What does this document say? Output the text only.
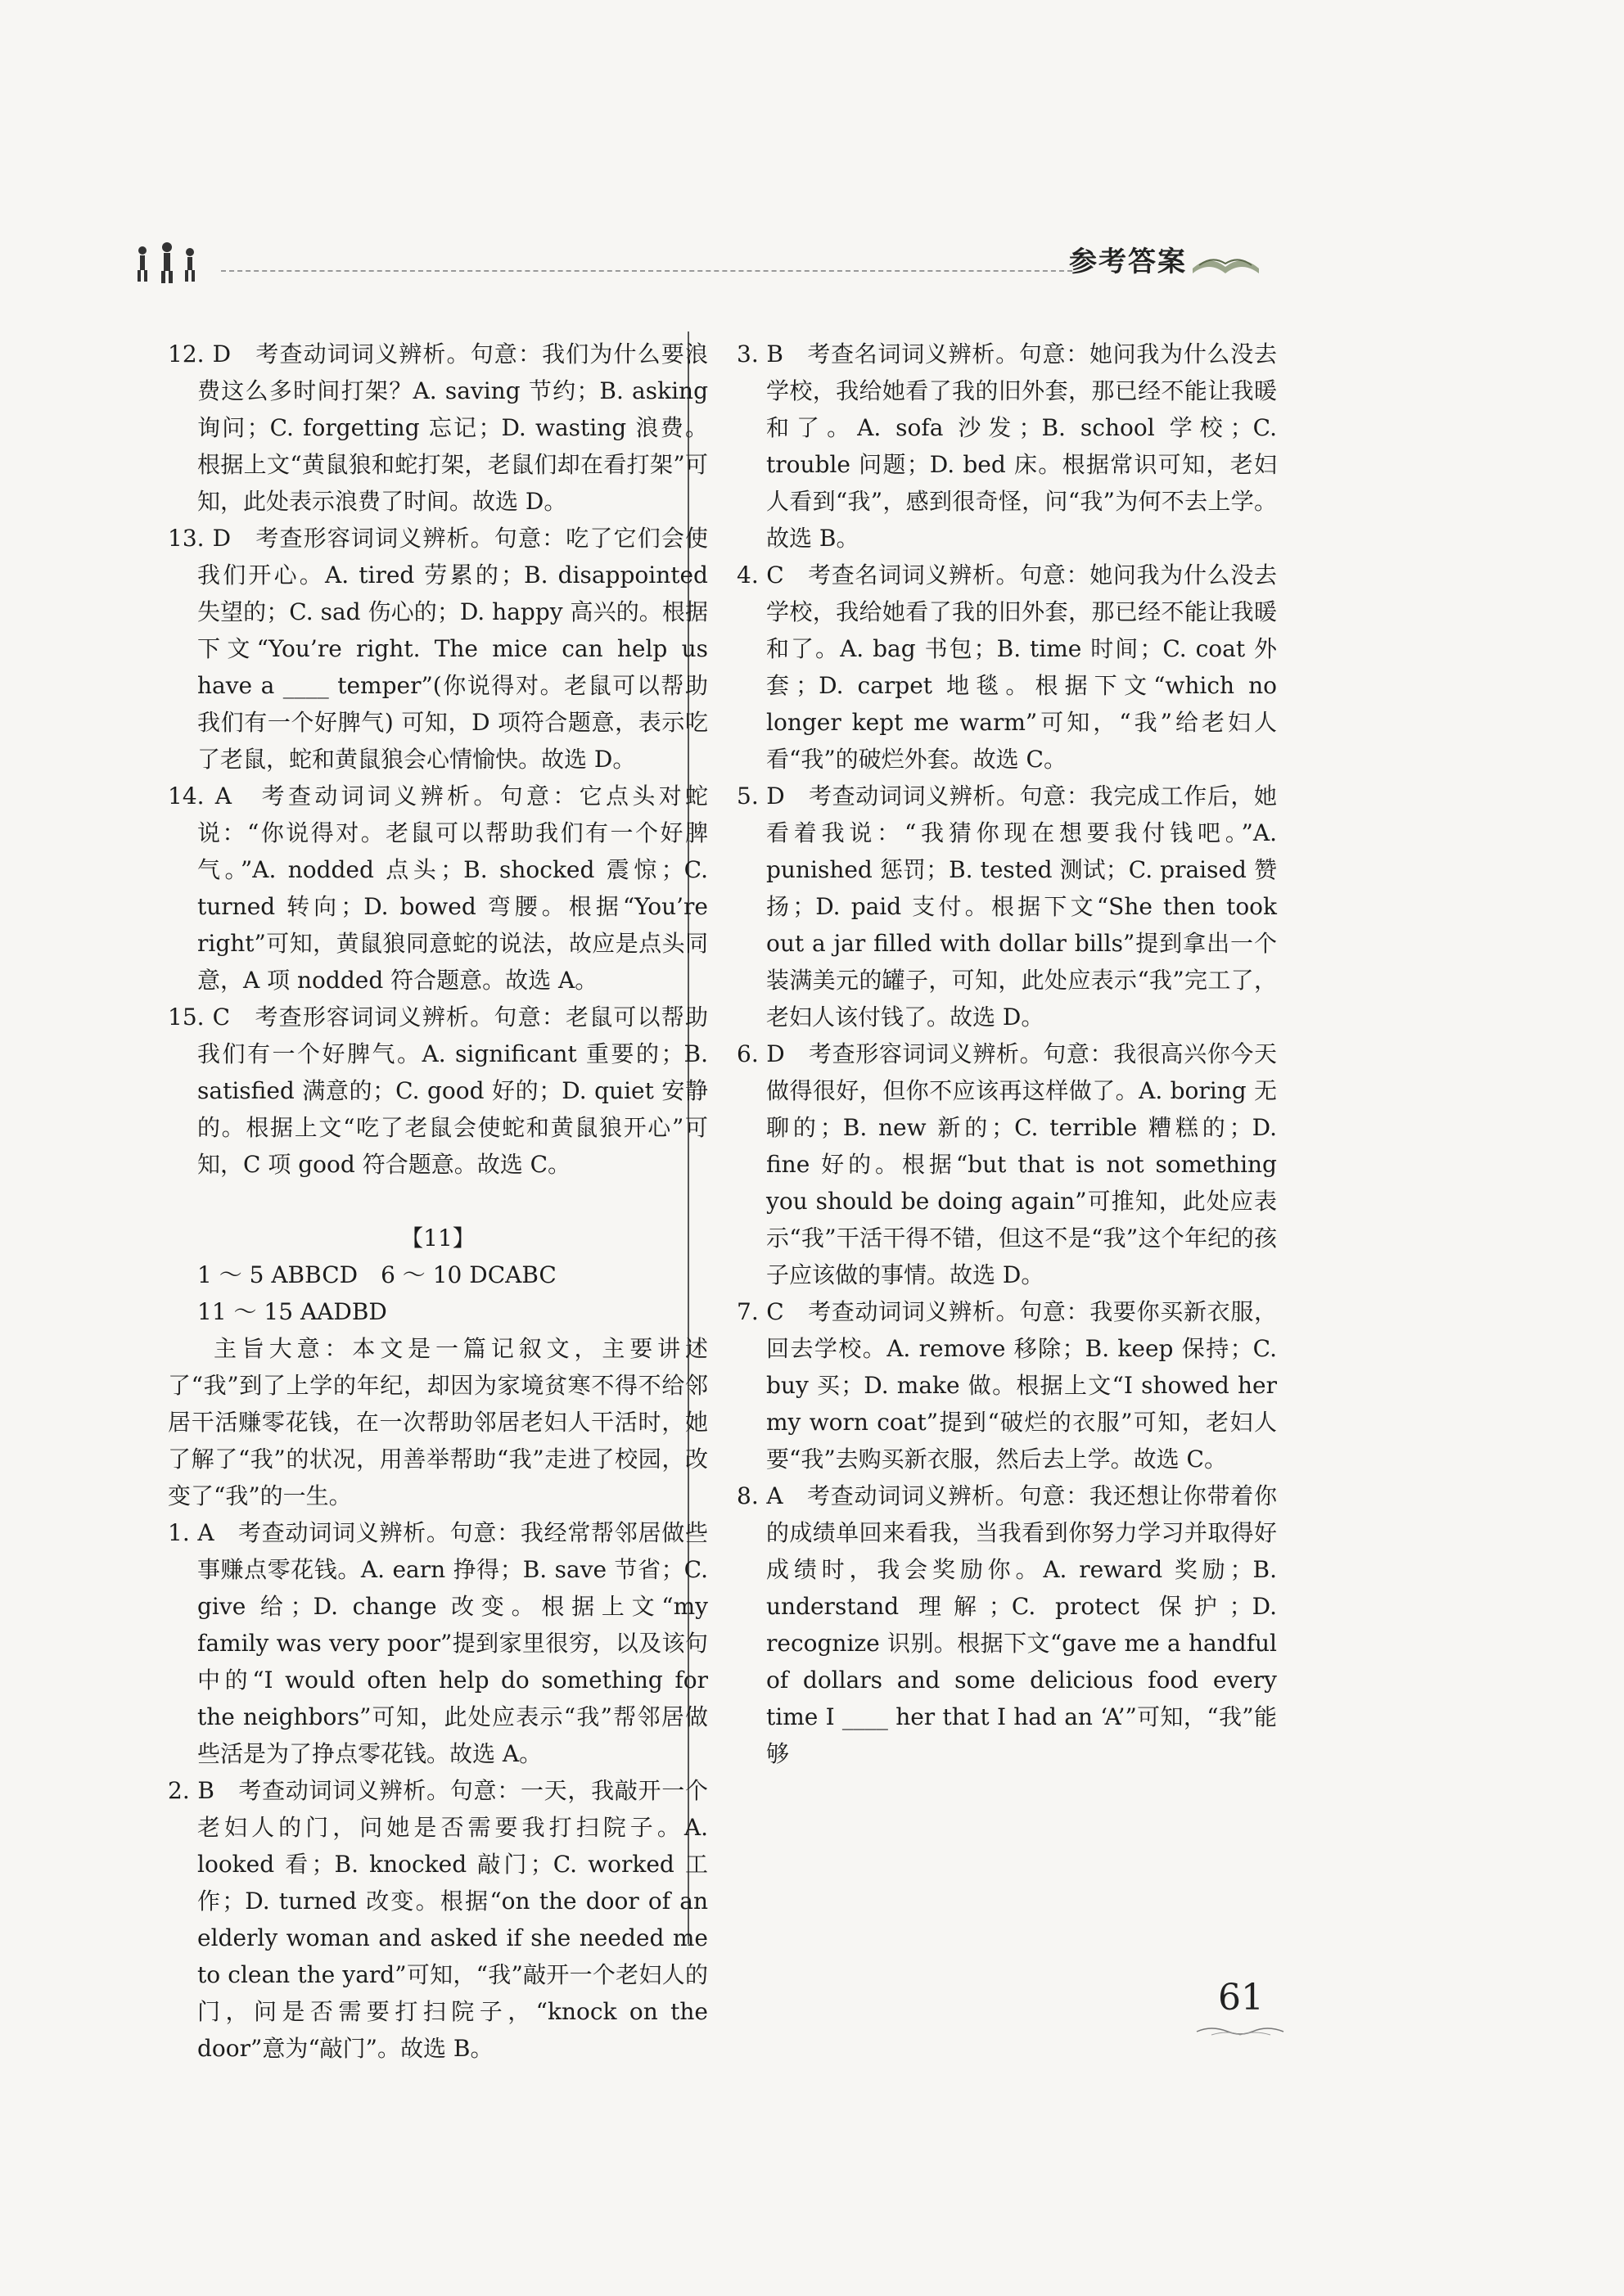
参考答案

12. D　考查动词词义辨析。句意：我们为什么要浪费这么多时间打架？A. saving 节约；B. asking 询问；C. forgetting 忘记；D. wasting 浪费。根据上文“黄鼠狼和蛇打架，老鼠们却在看打架”可知，此处表示浪费了时间。故选 D。

13. D　考查形容词词义辨析。句意：吃了它们会使我们开心。A. tired 劳累的；B. disappointed 失望的；C. sad 伤心的；D. happy 高兴的。根据下文“You’re right. The mice can help us have a ____ temper”(你说得对。老鼠可以帮助我们有一个好脾气) 可知，D 项符合题意，表示吃了老鼠，蛇和黄鼠狼会心情愉快。故选 D。

14. A　考查动词词义辨析。句意：它点头对蛇说：“你说得对。老鼠可以帮助我们有一个好脾气。”A. nodded 点头；B. shocked 震惊；C. turned 转向；D. bowed 弯腰。根据“You’re right”可知，黄鼠狼同意蛇的说法，故应是点头同意，A 项 nodded 符合题意。故选 A。

15. C　考查形容词词义辨析。句意：老鼠可以帮助我们有一个好脾气。A. significant 重要的；B. satisfied 满意的；C. good 好的；D. quiet 安静的。根据上文“吃了老鼠会使蛇和黄鼠狼开心”可知，C 项 good 符合题意。故选 C。

【11】

1 ～ 5 ABBCD　6 ～ 10 DCABC

11 ～ 15 AADBD

主旨大意：本文是一篇记叙文，主要讲述了“我”到了上学的年纪，却因为家境贫寒不得不给邻居干活赚零花钱，在一次帮助邻居老妇人干活时，她了解了“我”的状况，用善举帮助“我”走进了校园，改变了“我”的一生。

1. A　考查动词词义辨析。句意：我经常帮邻居做些事赚点零花钱。A. earn 挣得；B. save 节省；C. give 给；D. change 改变。根据上文“my family was very poor”提到家里很穷，以及该句中的“I would often help do something for the neighbors”可知，此处应表示“我”帮邻居做些活是为了挣点零花钱。故选 A。

2. B　考查动词词义辨析。句意：一天，我敲开一个老妇人的门，问她是否需要我打扫院子。A. looked 看；B. knocked 敲门；C. worked 工作；D. turned 改变。根据“on the door of an elderly woman and asked if she needed me to clean the yard”可知，“我”敲开一个老妇人的门，问是否需要打扫院子，“knock on the door”意为“敲门”。故选 B。

3. B　考查名词词义辨析。句意：她问我为什么没去学校，我给她看了我的旧外套，那已经不能让我暖和了。A. sofa 沙发；B. school 学校；C. trouble 问题；D. bed 床。根据常识可知，老妇人看到“我”，感到很奇怪，问“我”为何不去上学。故选 B。

4. C　考查名词词义辨析。句意：她问我为什么没去学校，我给她看了我的旧外套，那已经不能让我暖和了。A. bag 书包；B. time 时间；C. coat 外套；D. carpet 地毯。根据下文“which no longer kept me warm”可知，“我”给老妇人看“我”的破烂外套。故选 C。

5. D　考查动词词义辨析。句意：我完成工作后，她看着我说：“我猜你现在想要我付钱吧。”A. punished 惩罚；B. tested 测试；C. praised 赞扬；D. paid 支付。根据下文“She then took out a jar filled with dollar bills”提到拿出一个装满美元的罐子，可知，此处应表示“我”完工了，老妇人该付钱了。故选 D。

6. D　考查形容词词义辨析。句意：我很高兴你今天做得很好，但你不应该再这样做了。A. boring 无聊的；B. new 新的；C. terrible 糟糕的；D. fine 好的。根据“but that is not something you should be doing again”可推知，此处应表示“我”干活干得不错，但这不是“我”这个年纪的孩子应该做的事情。故选 D。

7. C　考查动词词义辨析。句意：我要你买新衣服，回去学校。A. remove 移除；B. keep 保持；C. buy 买；D. make 做。根据上文“I showed her my worn coat”提到“破烂的衣服”可知，老妇人要“我”去购买新衣服，然后去上学。故选 C。

8. A　考查动词词义辨析。句意：我还想让你带着你的成绩单回来看我，当我看到你努力学习并取得好成绩时，我会奖励你。A. reward 奖励；B. understand 理解；C. protect 保护；D. recognize 识别。根据下文“gave me a handful of dollars and some delicious food every time I ____ her that I had an ‘A’”可知，“我”能够

61
